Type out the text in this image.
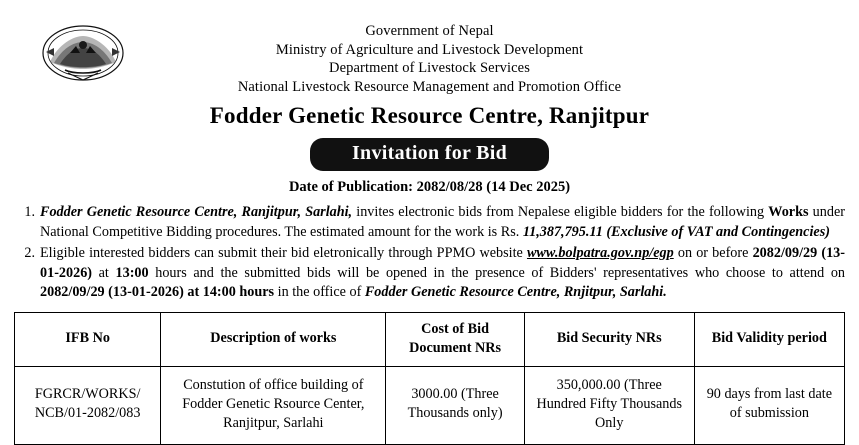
Government of Nepal
Ministry of Agriculture and Livestock Development
Department of Livestock Services
National Livestock Resource Management and Promotion Office
Fodder Genetic Resource Centre, Ranjitpur
Invitation for Bid
Date of Publication: 2082/08/28 (14 Dec 2025)
1. Fodder Genetic Resource Centre, Ranjitpur, Sarlahi, invites electronic bids from Nepalese eligible bidders for the following Works under National Competitive Bidding procedures. The estimated amount for the work is Rs. 11,387,795.11 (Exclusive of VAT and Contingencies)
2. Eligible interested bidders can submit their bid eletronically through PPMO website www.bolpatra.gov.np/egp on or before 2082/09/29 (13-01-2026) at 13:00 hours and the submitted bids will be opened in the presence of Bidders' representatives who choose to attend on 2082/09/29 (13-01-2026) at 14:00 hours in the office of Fodder Genetic Resource Centre, Rnjitpur, Sarlahi.
IFB No	Description of works	Cost of Bid Document NRs	Bid Security NRs	Bid Validity period
FGRCR/WORKS/ NCB/01-2082/083	Constution of office building of Fodder Genetic Rsource Center, Ranjitpur, Sarlahi	3000.00 (Three Thousands only)	350,000.00 (Three Hundred Fifty Thousands Only	90 days from last date of submission
